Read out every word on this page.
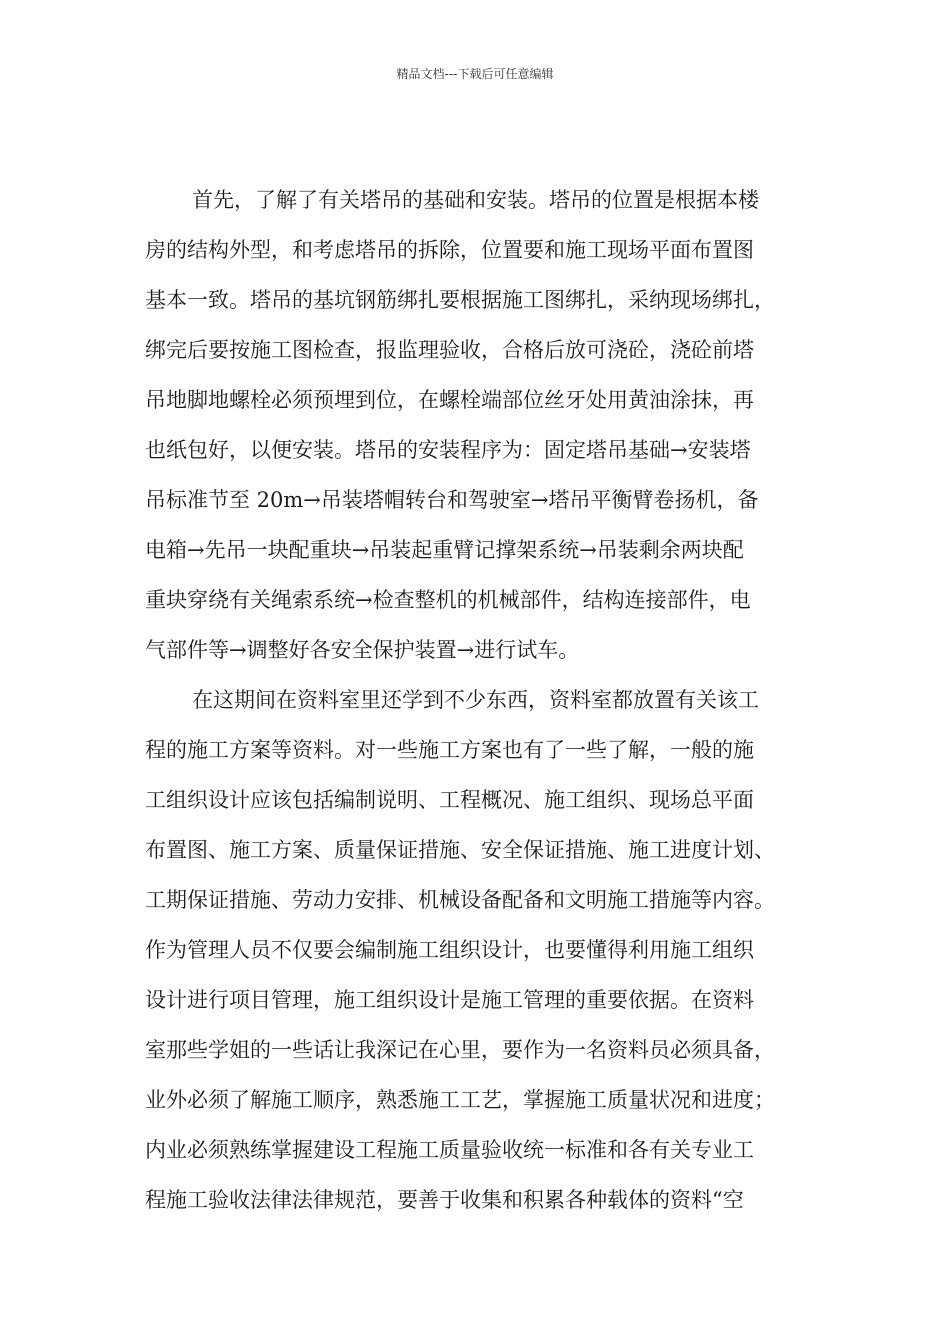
精品文档---下载后可任意编辑
首先，了解了有关塔吊的基础和安装。塔吊的位置是根据本楼
房的结构外型，和考虑塔吊的拆除，位置要和施工现场平面布置图
基本一致。塔吊的基坑钢筋绑扎要根据施工图绑扎，采纳现场绑扎，
绑完后要按施工图检查，报监理验收，合格后放可浇砼，浇砼前塔
吊地脚地螺栓必须预埋到位，在螺栓端部位丝牙处用黄油涂抹，再
也纸包好，以便安装。塔吊的安装程序为：固定塔吊基础→安装塔
吊标准节至 20m→吊装塔帽转台和驾驶室→塔吊平衡臂卷扬机，备
电箱→先吊一块配重块→吊装起重臂记撑架系统→吊装剩余两块配
重块穿绕有关绳索系统→检查整机的机械部件，结构连接部件，电
气部件等→调整好各安全保护装置→进行试车。
在这期间在资料室里还学到不少东西，资料室都放置有关该工
程的施工方案等资料。对一些施工方案也有了一些了解，一般的施
工组织设计应该包括编制说明、工程概况、施工组织、现场总平面
布置图、施工方案、质量保证措施、安全保证措施、施工进度计划、
工期保证措施、劳动力安排、机械设备配备和文明施工措施等内容。
作为管理人员不仅要会编制施工组织设计，也要懂得利用施工组织
设计进行项目管理，施工组织设计是施工管理的重要依据。在资料
室那些学姐的一些话让我深记在心里，要作为一名资料员必须具备，
业外必须了解施工顺序，熟悉施工工艺，掌握施工质量状况和进度；
内业必须熟练掌握建设工程施工质量验收统一标准和各有关专业工
程施工验收法律法律规范，要善于收集和积累各种载体的资料“空
